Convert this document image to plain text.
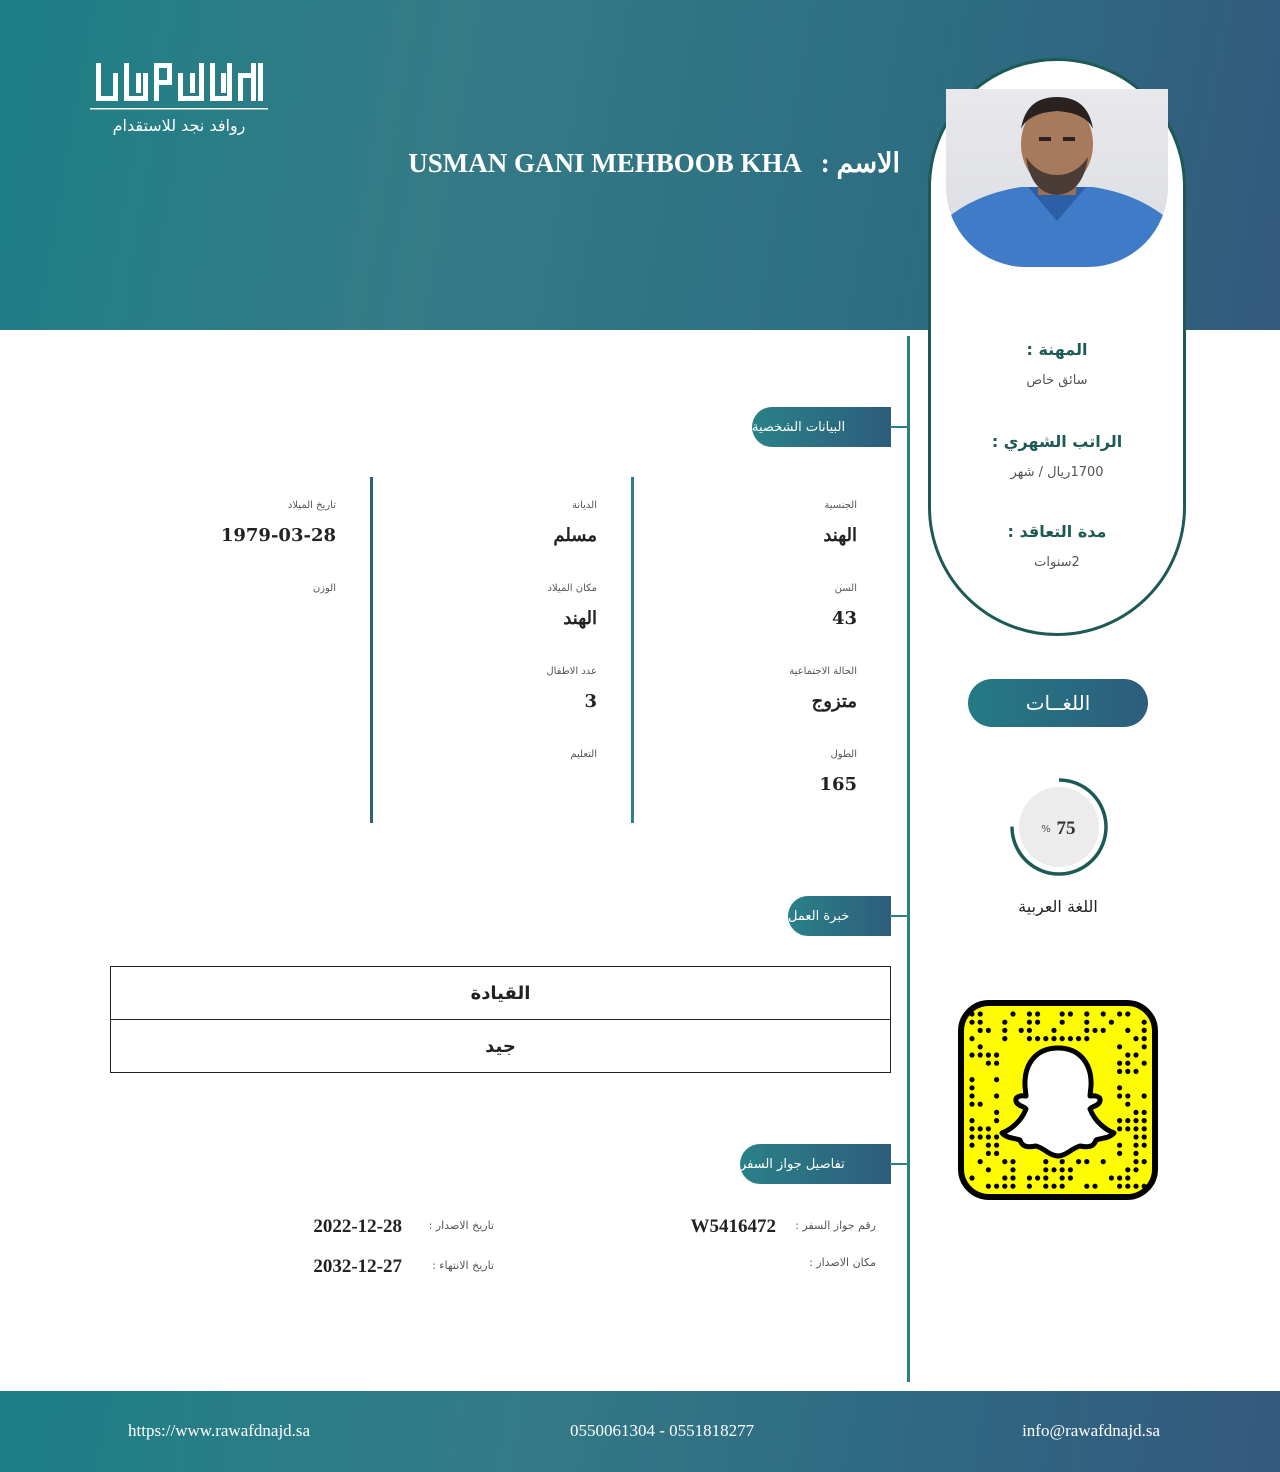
روافد نجد للاستقدام
الاسم : USMAN GANI MEHBOOB KHA
المهنة :
سائق خاص
الراتب الشهري :
1700ريال / شهر
مدة التعاقد :
2سنوات
اللغــات
75
%
اللغة العربية
البيانات الشخصية
الجنسية
الهند
السن
43
الحالة الاجتماعية
متزوج
الطول
165
الديانة
مسلم
مكان الميلاد
الهند
عدد الاطفال
3
التعليم
تاريخ الميلاد
1979-03-28
الوزن
خبرة العمل
القيادة
جيد
تفاصيل جواز السفر
رقم جواز السفر :
W5416472
مكان الاصدار :
تاريخ الاصدار :
2022-12-28
تاريخ الانتهاء :
2032-12-27
https://www.rawafdnajd.sa	0550061304 - 0551818277	info@rawafdnajd.sa
